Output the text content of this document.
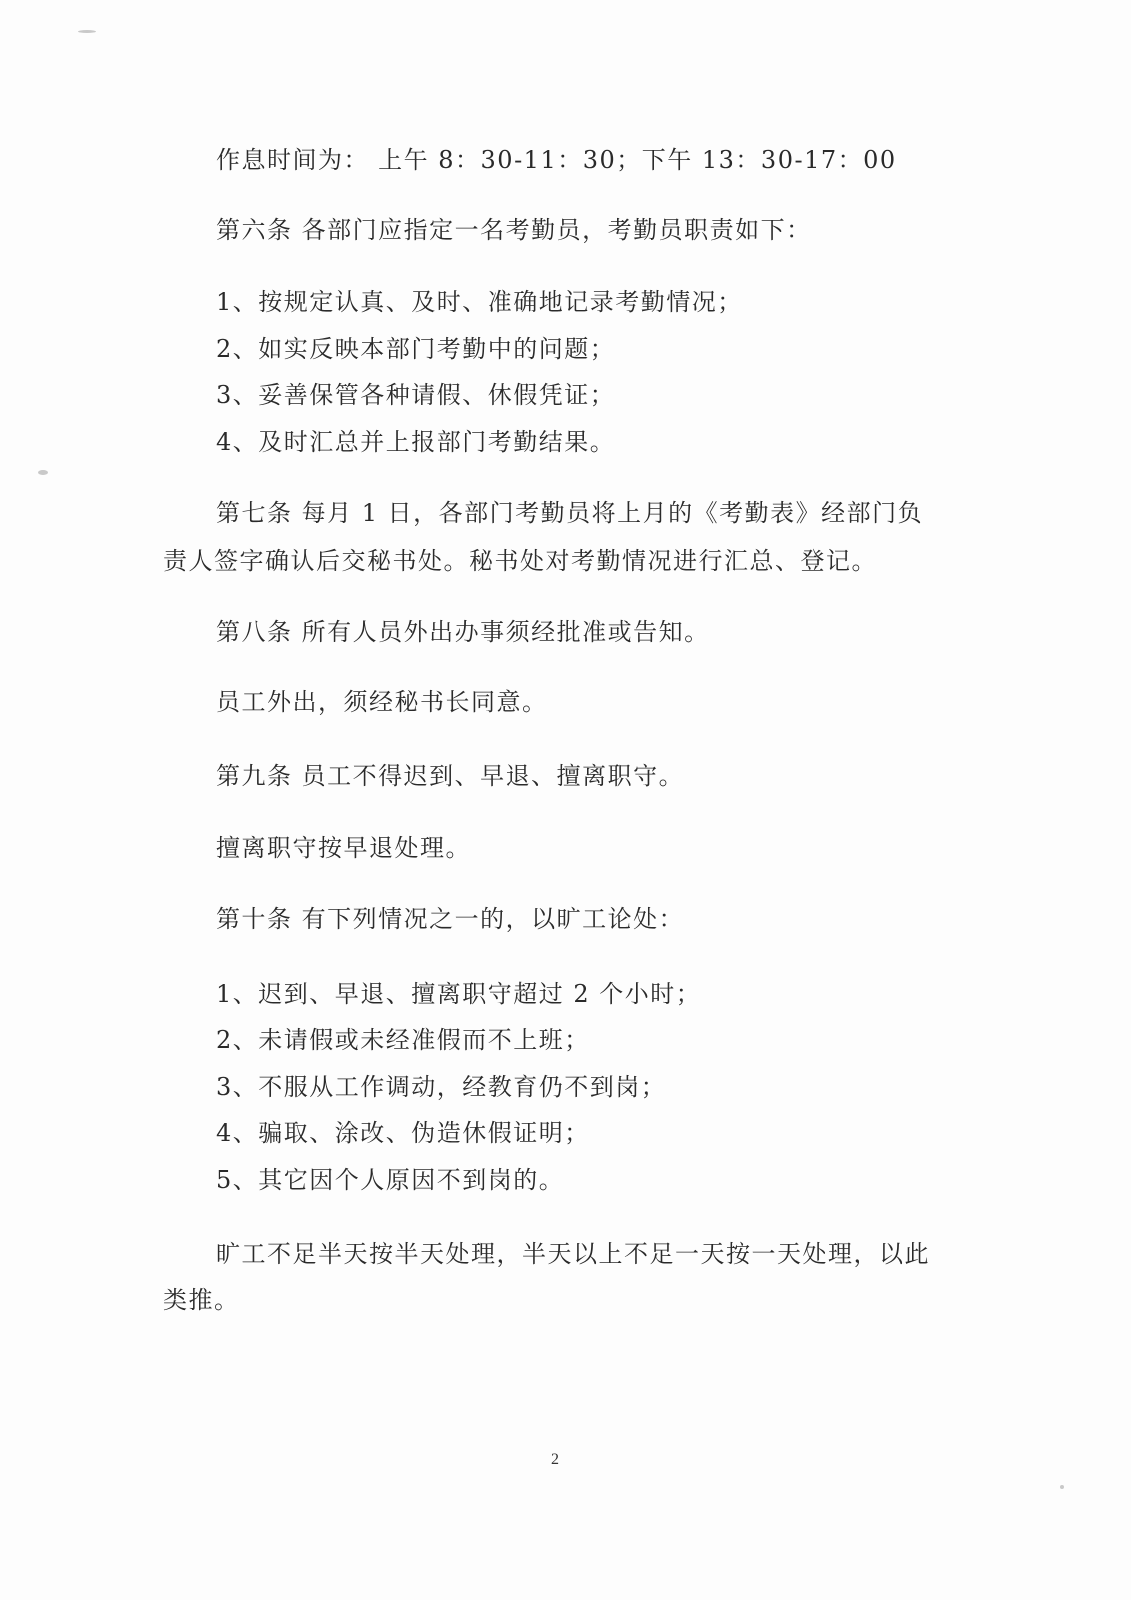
作息时间为： 上午 8：30-11：30；下午 13：30-17：00
第六条 各部门应指定一名考勤员，考勤员职责如下：
1、按规定认真、及时、准确地记录考勤情况；
2、如实反映本部门考勤中的问题；
3、妥善保管各种请假、休假凭证；
4、及时汇总并上报部门考勤结果。
第七条 每月 1 日，各部门考勤员将上月的《考勤表》经部门负
责人签字确认后交秘书处。秘书处对考勤情况进行汇总、登记。
第八条 所有人员外出办事须经批准或告知。
员工外出，须经秘书长同意。
第九条 员工不得迟到、早退、擅离职守。
擅离职守按早退处理。
第十条 有下列情况之一的，以旷工论处：
1、迟到、早退、擅离职守超过 2 个小时；
2、未请假或未经准假而不上班；
3、不服从工作调动，经教育仍不到岗；
4、骗取、涂改、伪造休假证明；
5、其它因个人原因不到岗的。
旷工不足半天按半天处理，半天以上不足一天按一天处理，以此
类推。
2
